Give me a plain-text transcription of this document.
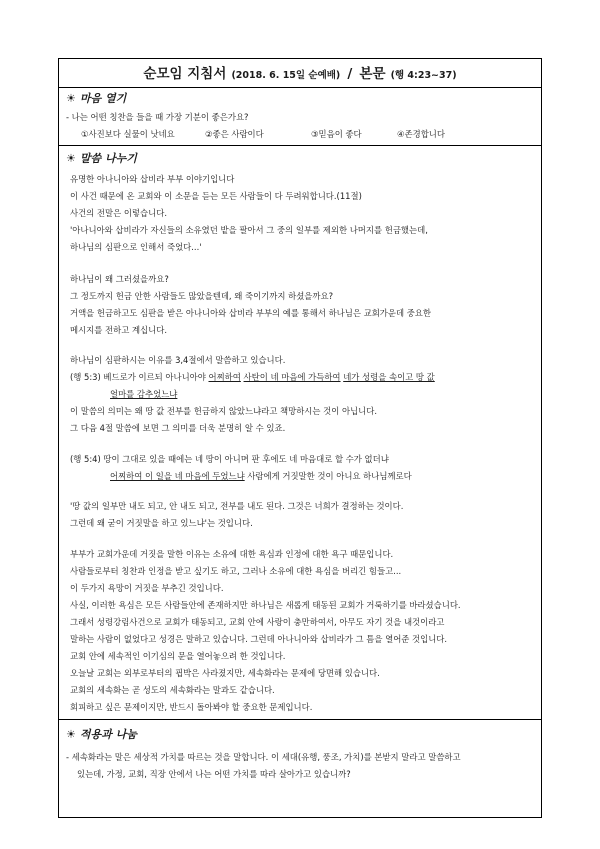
순모임 지침서 (2018. 6. 15일 순예배) / 본문 (행 4:23~37)
☀ 마음 열기
- 나는 어떤 칭찬을 들을 때 가장 기분이 좋은가요?
①사진보다 실물이 낫네요	②좋은 사람이다	③믿음이 좋다	④존경합니다
☀ 말씀 나누기
유명한 아나니아와 삽비라 부부 이야기입니다
이 사건 때문에 온 교회와 이 소문을 듣는 모든 사람들이 다 두려워합니다.(11절)
사건의 전말은 이렇습니다.
'아나니아와 삽비라가 자신들의 소유였던 밭을 팔아서 그 중의 일부를 제외한 나머지를 헌금했는데,
하나님의 심판으로 인해서 죽었다...'
하나님이 왜 그러셨을까요?
그 정도까지 헌금 안한 사람들도 많았을텐데, 왜 죽이기까지 하셨을까요?
거액을 헌금하고도 심판을 받은 아나니아와 삽비라 부부의 예를 통해서 하나님은 교회가운데 중요한
메시지를 전하고 계십니다.
하나님이 심판하시는 이유를 3,4절에서 말씀하고 있습니다.
(행 5:3) 베드로가 이르되 아나니아야 어찌하여 사탄이 네 마음에 가득하여 네가 성령을 속이고 땅 값
얼마를 감추었느냐
이 말씀의 의미는 왜 땅 값 전부를 헌금하지 않았느냐라고 책망하시는 것이 아닙니다.
그 다음 4절 말씀에 보면 그 의미를 더욱 분명히 알 수 있죠.
(행 5:4) 땅이 그대로 있을 때에는 네 땅이 아니며 판 후에도 네 마음대로 할 수가 없더냐
어찌하여 이 일을 네 마음에 두었느냐 사람에게 거짓말한 것이 아니요 하나님께로다
'땅 값의 일부만 내도 되고, 안 내도 되고, 전부를 내도 된다. 그것은 너희가 결정하는 것이다.
그런데 왜 굳이 거짓말을 하고 있느냐'는 것입니다.
부부가 교회가운데 거짓을 말한 이유는 소유에 대한 욕심과 인정에 대한 욕구 때문입니다.
사람들로부터 칭찬과 인정을 받고 싶기도 하고, 그러나 소유에 대한 욕심을 버리긴 힘들고...
이 두가지 욕망이 거짓을 부추긴 것입니다.
사실, 이러한 욕심은 모든 사람들안에 존재하지만 하나님은 새롭게 태동된 교회가 거룩하기를 바라셨습니다.
그래서 성령강림사건으로 교회가 태동되고, 교회 안에 사랑이 충만하여서, 아무도 자기 것을 내것이라고
말하는 사람이 없었다고 성경은 말하고 있습니다. 그런데 아나니아와 삽비라가 그 틈을 열어준 것입니다.
교회 안에 세속적인 이기심의 문을 열어놓으려 한 것입니다.
오늘날 교회는 외부로부터의 핍박은 사라졌지만, 세속화라는 문제에 당면해 있습니다.
교회의 세속화는 곧 성도의 세속화라는 말과도 같습니다.
회피하고 싶은 문제이지만, 반드시 돌아봐야 할 중요한 문제입니다.
☀ 적용과 나눔
- 세속화라는 말은 세상적 가치를 따르는 것을 말합니다. 이 세대(유행, 풍조, 가치)를 본받지 말라고 말씀하고
있는데, 가정, 교회, 직장 안에서 나는 어떤 가치를 따라 살아가고 있습니까?
